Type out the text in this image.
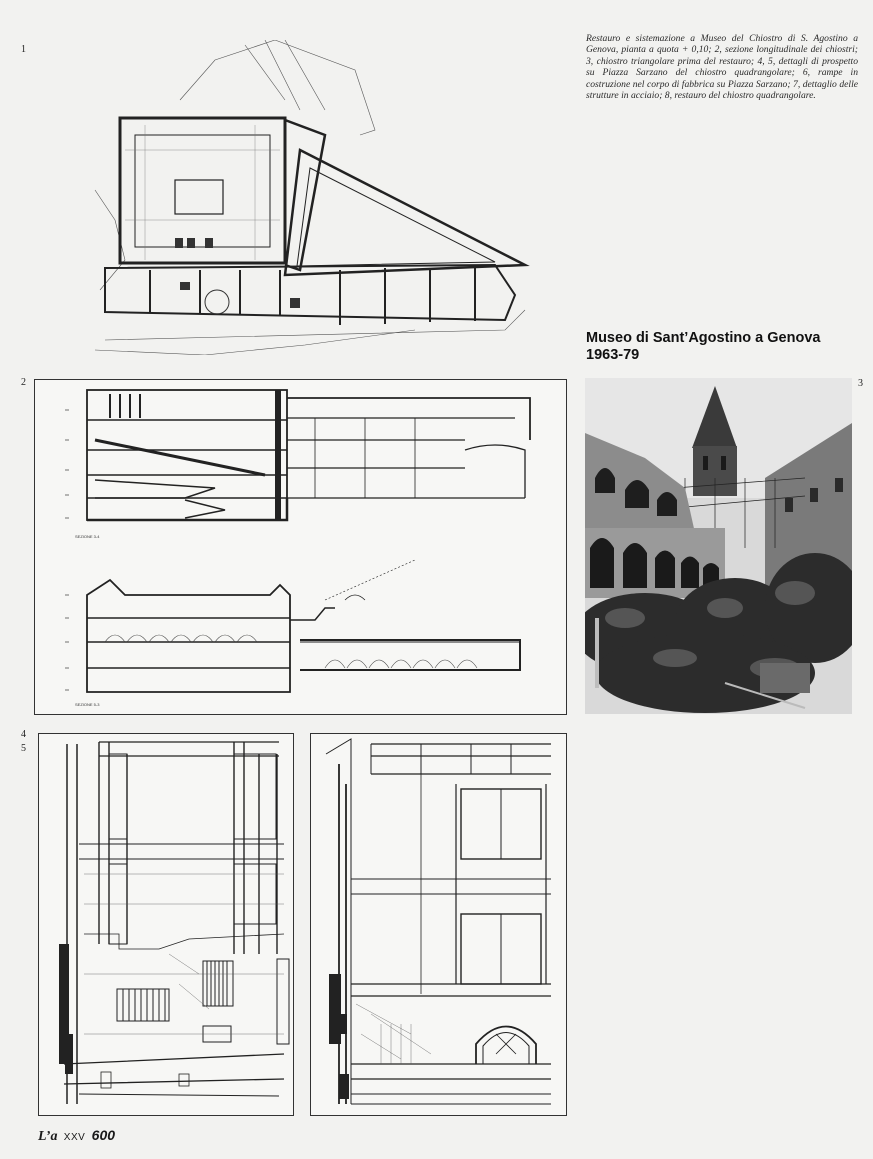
1
2	3
4
5
Restauro e sistemazione a Museo del Chiostro di S. Agostino a Genova, pianta a quota + 0,10; 2, sezione longitudinale dei chiostri; 3, chiostro triangolare prima del restauro; 4, 5, dettagli di prospetto su Piazza Sarzano del chiostro quadrangolare; 6, rampe in costruzione nel corpo di fabbrica su Piazza Sarzano; 7, dettaglio delle strutture in acciaio; 8, restauro del chiostro quadrangolare.
Museo di Sant’Agostino a Genova
1963-79
SEZIONE 3-4
SEZIONE 5-3
L’a XXV 600
